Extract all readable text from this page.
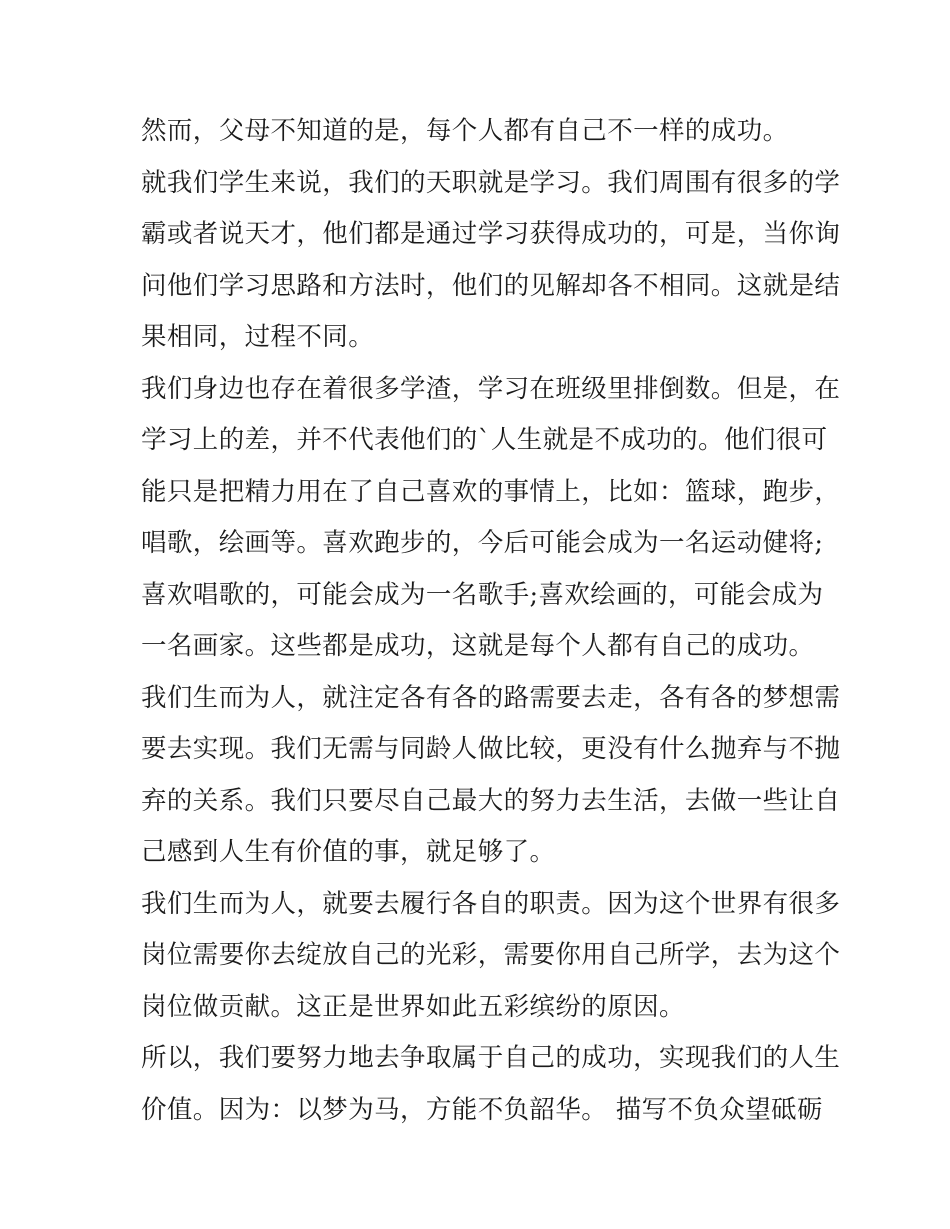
然而，父母不知道的是，每个人都有自己不一样的成功。
就我们学生来说，我们的天职就是学习。我们周围有很多的学
霸或者说天才，他们都是通过学习获得成功的，可是，当你询
问他们学习思路和方法时，他们的见解却各不相同。这就是结
果相同，过程不同。
我们身边也存在着很多学渣，学习在班级里排倒数。但是，在
学习上的差，并不代表他们的`人生就是不成功的。他们很可
能只是把精力用在了自己喜欢的事情上，比如：篮球，跑步，
唱歌，绘画等。喜欢跑步的，今后可能会成为一名运动健将;
喜欢唱歌的，可能会成为一名歌手;喜欢绘画的，可能会成为
一名画家。这些都是成功，这就是每个人都有自己的成功。
我们生而为人，就注定各有各的路需要去走，各有各的梦想需
要去实现。我们无需与同龄人做比较，更没有什么抛弃与不抛
弃的关系。我们只要尽自己最大的努力去生活，去做一些让自
己感到人生有价值的事，就足够了。
我们生而为人，就要去履行各自的职责。因为这个世界有很多
岗位需要你去绽放自己的光彩，需要你用自己所学，去为这个
岗位做贡献。这正是世界如此五彩缤纷的原因。
所以，我们要努力地去争取属于自己的成功，实现我们的人生
价值。因为：以梦为马，方能不负韶华。 描写不负众望砥砺
